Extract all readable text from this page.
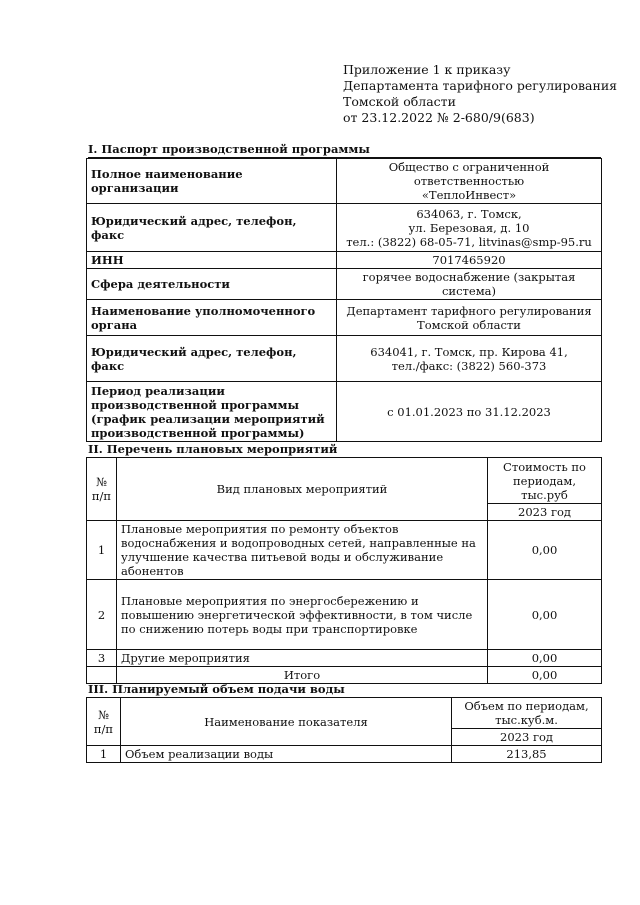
Приложение 1 к приказу
Департамента тарифного регулирования
Томской области
от 23.12.2022 № 2-680/9(683)
I. Паспорт производственной программы
Полное наименование организации	Общество с ограниченной ответственностью
«ТеплоИнвест»

Юридический адрес, телефон, факс	634063, г. Томск,
ул. Березовая, д. 10
тел.: (3822) 68-05-71, litvinas@smp-95.ru

ИНН	7017465920
Сфера деятельности	горячее водоснабжение (закрытая система)
Наименование уполномоченного органа	Департамент тарифного регулирования
Томской области

Юридический адрес, телефон, факс	634041, г. Томск, пр. Кирова 41,
тел./факс: (3822) 560-373

Период реализации производственной программы (график реализации мероприятий производственной программы)	с 01.01.2023 по 31.12.2023
II. Перечень плановых мероприятий
№ п/п	Вид плановых мероприятий	Стоимость по периодам, тыс.руб
		2023 год
1	Плановые мероприятия по ремонту объектов водоснабжения и водопроводных сетей, направленные на улучшение качества питьевой воды и обслуживание абонентов	0,00
2	Плановые мероприятия по энергосбережению и повышению энергетической эффективности, в том числе по снижению потерь воды при транспортировке	0,00
3	Другие мероприятия	0,00
	Итого	0,00
III. Планируемый объем подачи воды
№ п/п	Наименование показателя	Объем по периодам, тыс.куб.м.
		2023 год
1	Объем реализации воды	213,85
